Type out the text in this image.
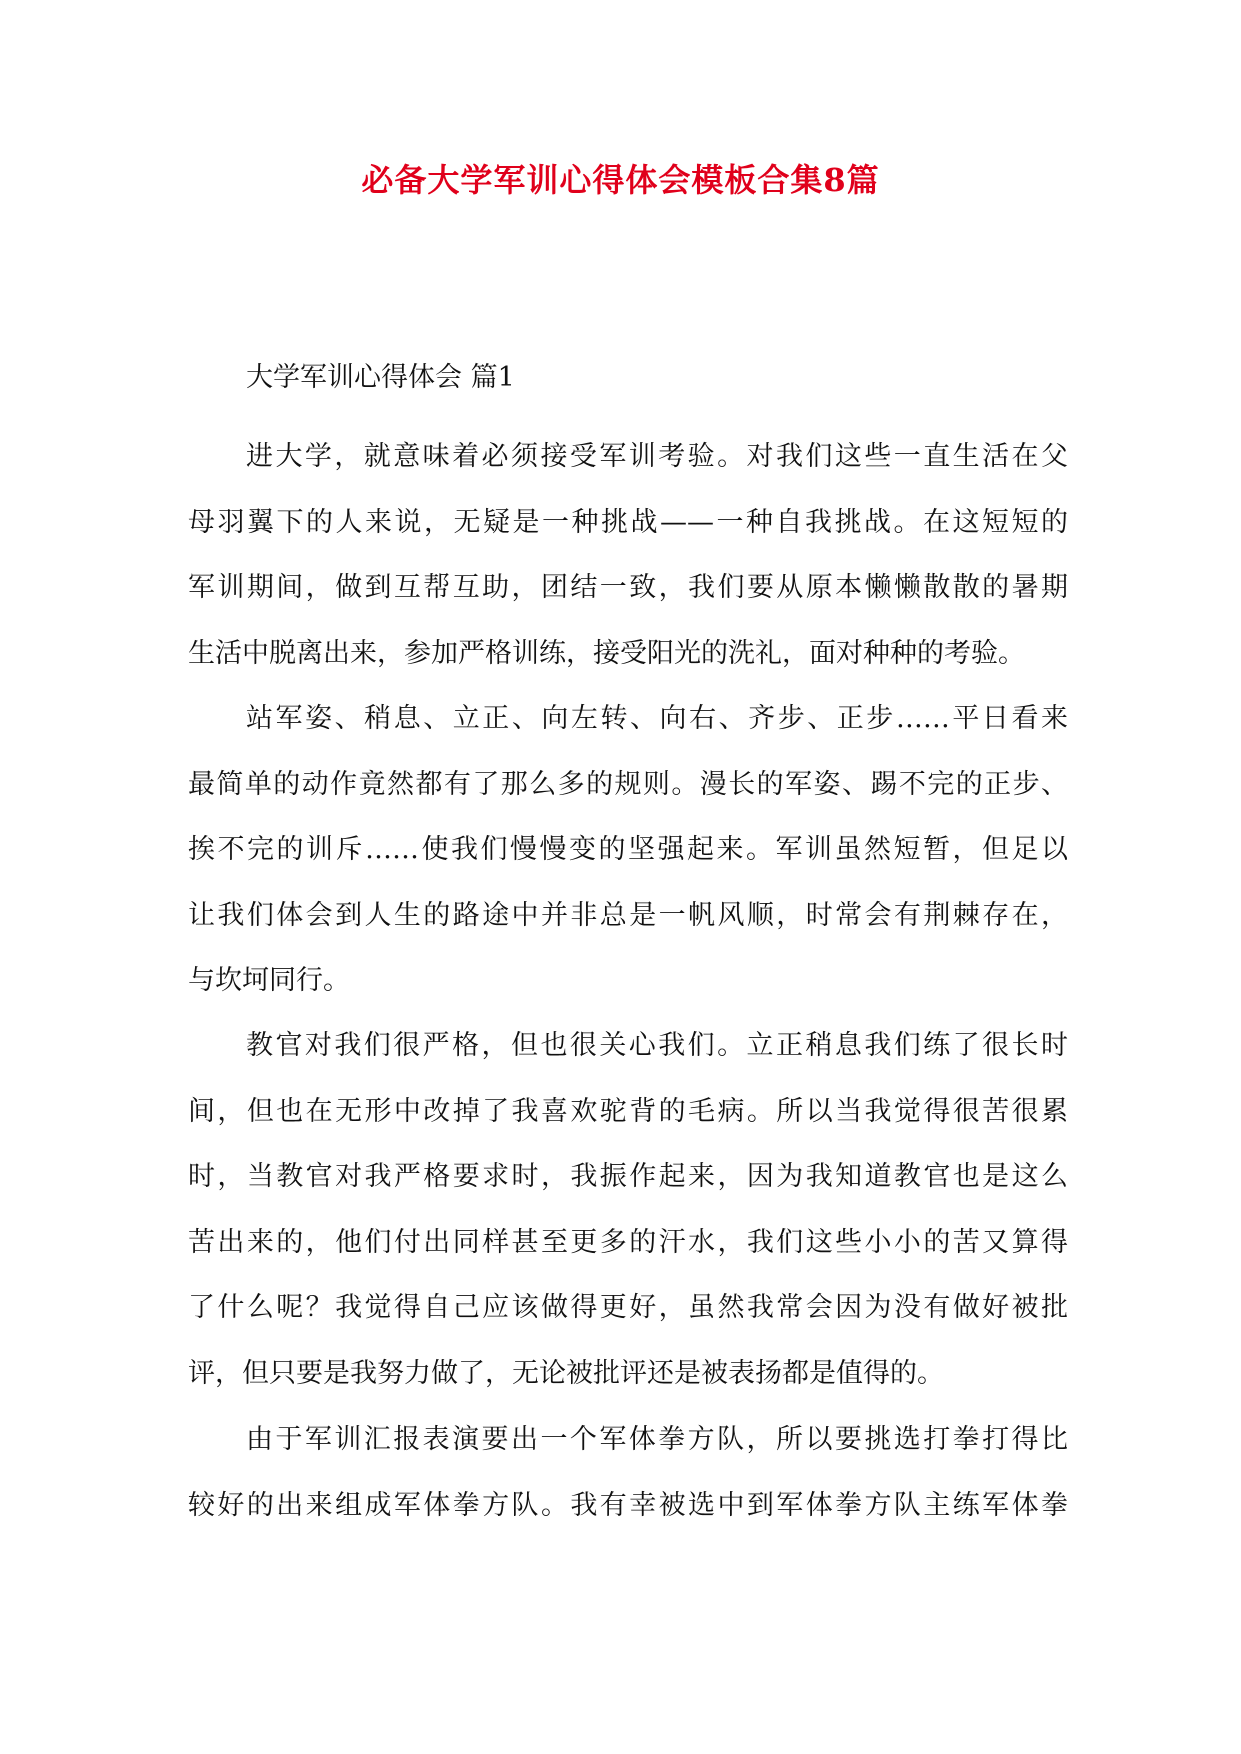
必备大学军训心得体会模板合集8篇
大学军训心得体会 篇1
进大学，就意味着必须接受军训考验。对我们这些一直生活在父
母羽翼下的人来说，无疑是一种挑战——一种自我挑战。在这短短的
军训期间，做到互帮互助，团结一致，我们要从原本懒懒散散的暑期
生活中脱离出来，参加严格训练，接受阳光的洗礼，面对种种的考验。
站军姿、稍息、立正、向左转、向右、齐步、正步……平日看来
最简单的动作竟然都有了那么多的规则。漫长的军姿、踢不完的正步、
挨不完的训斥……使我们慢慢变的坚强起来。军训虽然短暂，但足以
让我们体会到人生的路途中并非总是一帆风顺，时常会有荆棘存在，
与坎坷同行。
教官对我们很严格，但也很关心我们。立正稍息我们练了很长时
间，但也在无形中改掉了我喜欢驼背的毛病。所以当我觉得很苦很累
时，当教官对我严格要求时，我振作起来，因为我知道教官也是这么
苦出来的，他们付出同样甚至更多的汗水，我们这些小小的苦又算得
了什么呢？我觉得自己应该做得更好，虽然我常会因为没有做好被批
评，但只要是我努力做了，无论被批评还是被表扬都是值得的。
由于军训汇报表演要出一个军体拳方队，所以要挑选打拳打得比
较好的出来组成军体拳方队。我有幸被选中到军体拳方队主练军体拳
